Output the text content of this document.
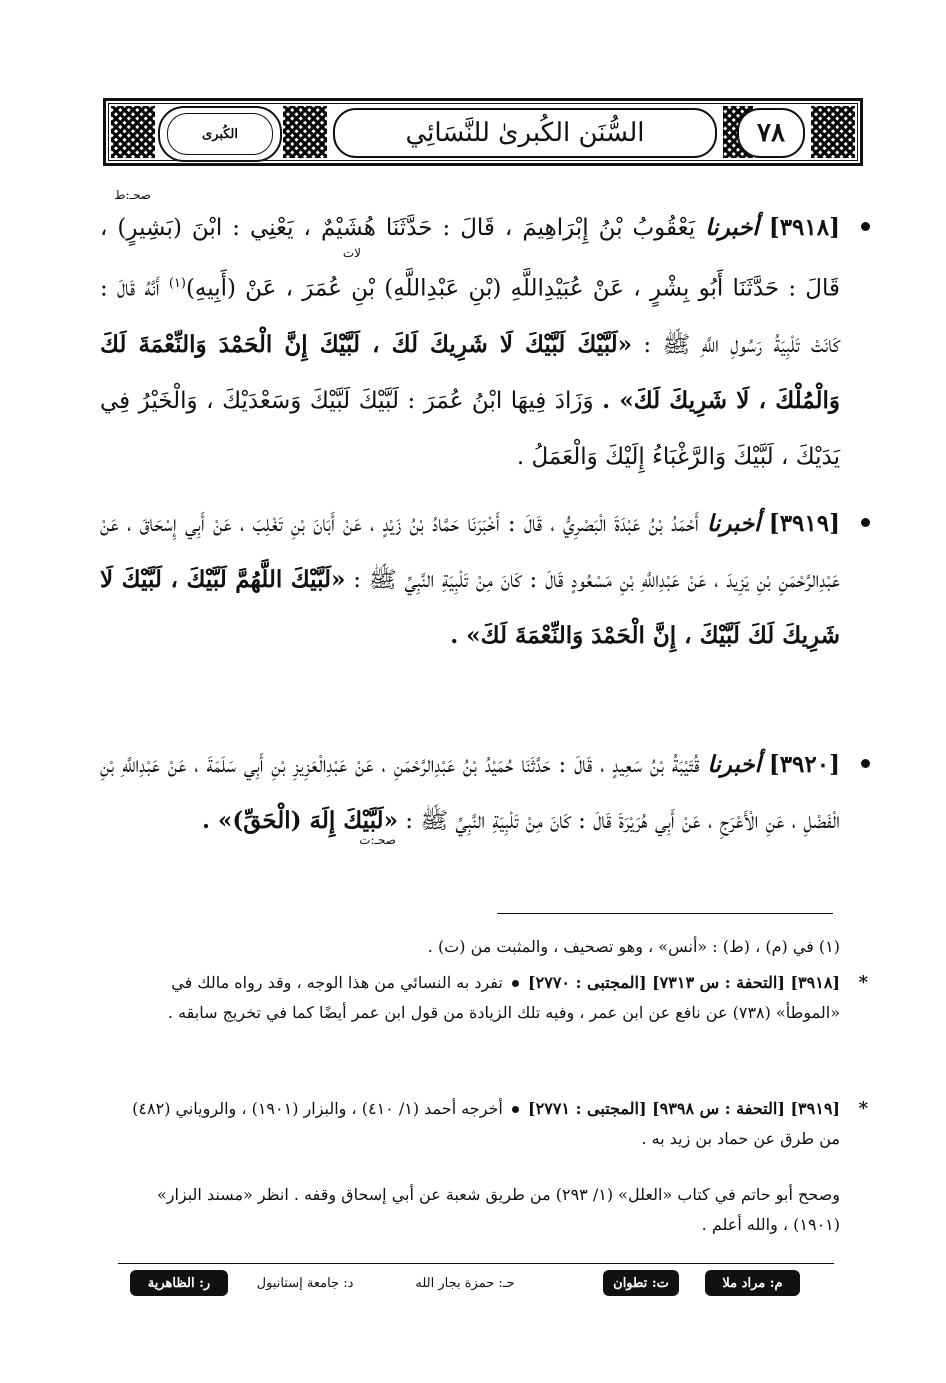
الكُبرى	السُّنَن الكُبرىٰ للنَّسَائِي	٧٨
صحـ:ط
لات
[٣٩١٨] أخبرنا يَعْقُوبُ بْنُ إِبْرَاهِيمَ ، قَالَ : حَدَّثَنَا هُشَيْمٌ ، يَعْنِي : ابْنَ (بَشِيرٍ) ، قَالَ : حَدَّثَنَا أَبُو بِشْرٍ ، عَنْ عُبَيْدِاللَّهِ (بْنِ عَبْدِاللَّهِ) بْنِ عُمَرَ ، عَنْ (أَبِيهِ)$^{(١)}$ أَنَّهُ قَالَ : كَانَتْ تَلْبِيَةُ رَسُولِ اللَّهِ ﷺ : «لَبَّيْكَ لَبَّيْكَ لَا شَرِيكَ لَكَ ، لَبَّيْكَ إِنَّ الْحَمْدَ وَالنِّعْمَةَ لَكَ وَالْمُلْكَ ، لَا شَرِيكَ لَكَ» . وَزَادَ فِيهَا ابْنُ عُمَرَ : لَبَّيْكَ لَبَّيْكَ وَسَعْدَيْكَ ، وَالْخَيْرُ فِي يَدَيْكَ ، لَبَّيْكَ وَالرَّغْبَاءُ إِلَيْكَ وَالْعَمَلُ .
[٣٩١٩] أخبرنا أَحْمَدُ بْنُ عَبْدَةَ الْبَصْرِيُّ ، قَالَ : أَخْبَرَنَا حَمَّادُ بْنُ زَيْدٍ ، عَنْ أَبَانَ بْنِ تَغْلِبَ ، عَنْ أَبِي إِسْحَاقَ ، عَنْ عَبْدِالرَّحْمَنِ بْنِ يَزِيدَ ، عَنْ عَبْدِاللَّهِ بْنِ مَسْعُودٍ قَالَ : كَانَ مِنْ تَلْبِيَةِ النَّبِيِّ ﷺ : «لَبَّيْكَ اللَّهُمَّ لَبَّيْكَ ، لَبَّيْكَ لَا شَرِيكَ لَكَ لَبَّيْكَ ، إِنَّ الْحَمْدَ وَالنِّعْمَةَ لَكَ» .
صحـ:ت
[٣٩٢٠] أخبرنا قُتَيْبَةُ بْنُ سَعِيدٍ ، قَالَ : حَدَّثَنَا حُمَيْدُ بْنُ عَبْدِالرَّحْمَنِ ، عَنْ عَبْدِالْعَزِيزِ بْنِ أَبِي سَلَمَةَ ، عَنْ عَبْدِاللَّهِ بْنِ الْفَضْلِ ، عَنِ الْأَعْرَجِ ، عَنْ أَبِي هُرَيْرَةَ قَالَ : كَانَ مِنْ تَلْبِيَةِ النَّبِيِّ ﷺ : «لَبَّيْكَ إِلَهَ (الْحَقِّ)» .
(١) في (م) ، (ط) : «أنس» ، وهو تصحيف ، والمثبت من (ت) .
* [٣٩١٨] [التحفة : س ٧٣١٣] [المجتبى : ٢٧٧٠]  تفرد به النسائي من هذا الوجه ، وقد رواه مالك في «الموطأ» (٧٣٨) عن نافع عن ابن عمر ، وفيه تلك الزيادة من قول ابن عمر أيضًا كما في تخريج سابقه .
* [٣٩١٩] [التحفة : س ٩٣٩٨] [المجتبى : ٢٧٧١]  أخرجه أحمد (١/ ٤١٠) ، والبزار (١٩٠١) ، والروياني (٤٨٢) من طرق عن حماد بن زيد به .
وصحح أبو حاتم في كتاب «العلل» (١/ ٢٩٣) من طريق شعبة عن أبي إسحاق وقفه . انظر «مسند البزار» (١٩٠١) ، والله أعلم .
م: مراد ملا
ت: تطوان
حـ: حمزة بجار الله
د: جامعة إستانبول
ر: الظاهرية
